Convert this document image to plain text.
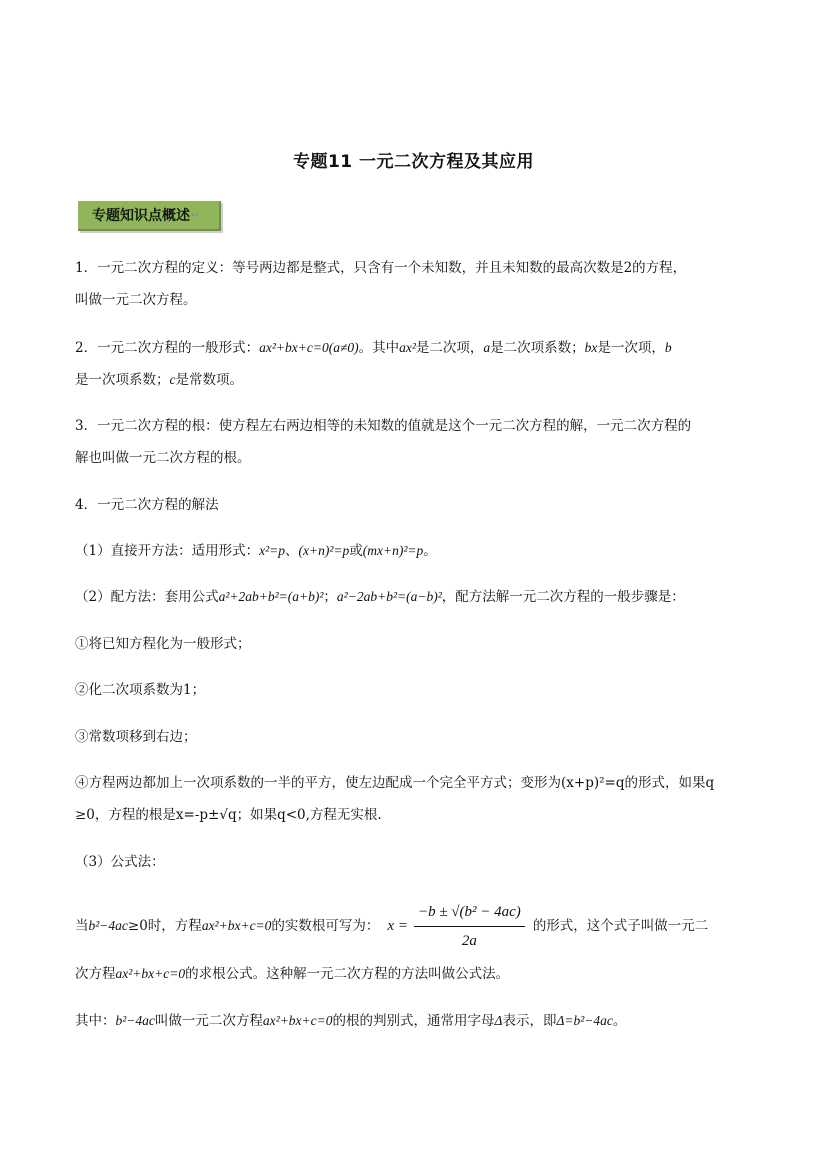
专题11 一元二次方程及其应用
专题知识点概述 ↵
1．一元二次方程的定义：等号两边都是整式，只含有一个未知数，并且未知数的最高次数是2的方程，
叫做一元二次方程。
2．一元二次方程的一般形式：ax²+bx+c=0(a≠0)。其中ax²是二次项，a是二次项系数；bx是一次项，b
是一次项系数；c是常数项。
3．一元二次方程的根：使方程左右两边相等的未知数的值就是这个一元二次方程的解，一元二次方程的
解也叫做一元二次方程的根。
4．一元二次方程的解法
（1）直接开方法：适用形式：x²=p、(x+n)²=p或(mx+n)²=p。
（2）配方法：套用公式a²+2ab+b²=(a+b)²；a²−2ab+b²=(a−b)²，配方法解一元二次方程的一般步骤是：
①将已知方程化为一般形式；
②化二次项系数为1；
③常数项移到右边；
④方程两边都加上一次项系数的一半的平方，使左边配成一个完全平方式；变形为(x+p)²=q的形式，如果q
≥0，方程的根是x=-p±√q；如果q<0,方程无实根.
（3）公式法：
当b²−4ac≥0时，方程ax²+bx+c=0的实数根可写为： $x = \frac{\text{−b ± √(b² − 4ac)}}{2a}$ 的形式，这个式子叫做一元二
次方程ax²+bx+c=0的求根公式。这种解一元二次方程的方法叫做公式法。
其中：b²−4ac叫做一元二次方程ax²+bx+c=0的根的判别式，通常用字母Δ表示，即Δ=b²−4ac。
